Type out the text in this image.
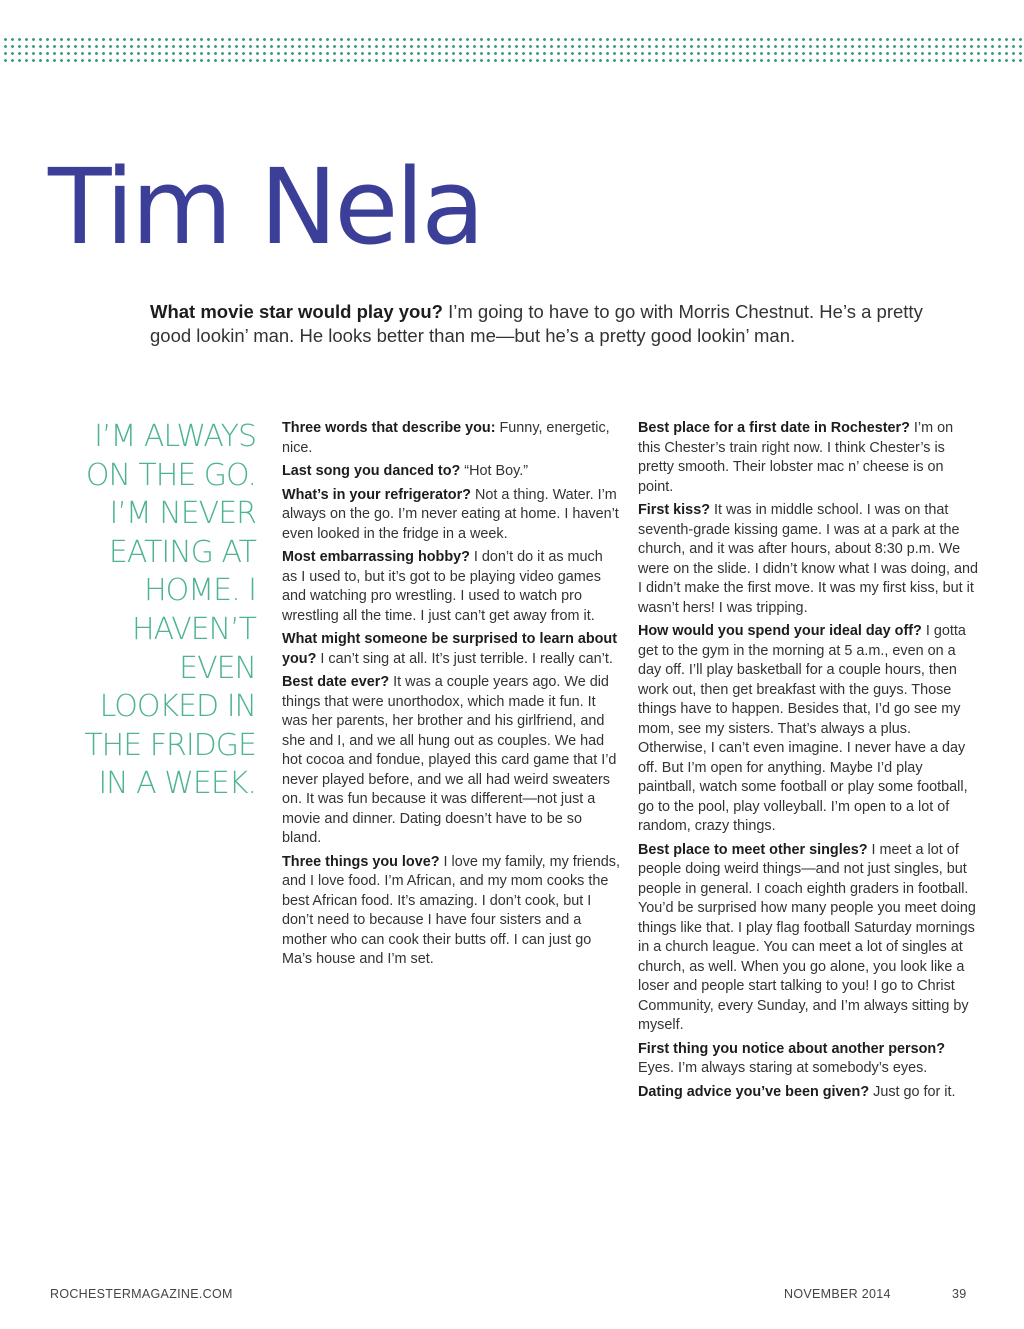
Tim Nela

What movie star would play you? I’m going to have to go with Morris Chestnut. He’s a pretty good lookin’ man. He looks better than me—but he’s a pretty good lookin’ man.

I’M ALWAYS ON THE GO. I’M NEVER EATING AT HOME. I HAVEN’T EVEN LOOKED IN THE FRIDGE IN A WEEK.

Three words that describe you: Funny, energetic, nice.

Last song you danced to? “Hot Boy.”

What’s in your refrigerator? Not a thing. Water. I’m always on the go. I’m never eating at home. I haven’t even looked in the fridge in a week.

Most embarrassing hobby? I don’t do it as much as I used to, but it’s got to be playing video games and watching pro wrestling. I used to watch pro wrestling all the time. I just can’t get away from it.

What might someone be surprised to learn about you? I can’t sing at all. It’s just terrible. I really can’t.

Best date ever? It was a couple years ago. We did things that were unorthodox, which made it fun. It was her parents, her brother and his girlfriend, and she and I, and we all hung out as couples. We had hot cocoa and fondue, played this card game that I’d never played before, and we all had weird sweaters on. It was fun because it was different—not just a movie and dinner. Dating doesn’t have to be so bland.

Three things you love? I love my family, my friends, and I love food. I’m African, and my mom cooks the best African food. It’s amazing. I don’t cook, but I don’t need to because I have four sisters and a mother who can cook their butts off. I can just go Ma’s house and I’m set.

Best place for a first date in Rochester? I’m on this Chester’s train right now. I think Chester’s is pretty smooth. Their lobster mac n’ cheese is on point.

First kiss? It was in middle school. I was on that seventh-grade kissing game. I was at a park at the church, and it was after hours, about 8:30 p.m. We were on the slide. I didn’t know what I was doing, and I didn’t make the first move. It was my first kiss, but it wasn’t hers! I was tripping.

How would you spend your ideal day off? I gotta get to the gym in the morning at 5 a.m., even on a day off. I’ll play basketball for a couple hours, then work out, then get breakfast with the guys. Those things have to happen. Besides that, I’d go see my mom, see my sisters. That’s always a plus. Otherwise, I can’t even imagine. I never have a day off. But I’m open for anything. Maybe I’d play paintball, watch some football or play some football, go to the pool, play volleyball. I’m open to a lot of random, crazy things.

Best place to meet other singles? I meet a lot of people doing weird things—and not just singles, but people in general. I coach eighth graders in football. You’d be surprised how many people you meet doing things like that. I play flag football Saturday mornings in a church league. You can meet a lot of singles at church, as well. When you go alone, you look like a loser and people start talking to you! I go to Christ Community, every Sunday, and I’m always sitting by myself.

First thing you notice about another person? Eyes. I’m always staring at somebody’s eyes.

Dating advice you’ve been given? Just go for it.

ROCHESTERMAGAZINE.COM	NOVEMBER 2014	39
